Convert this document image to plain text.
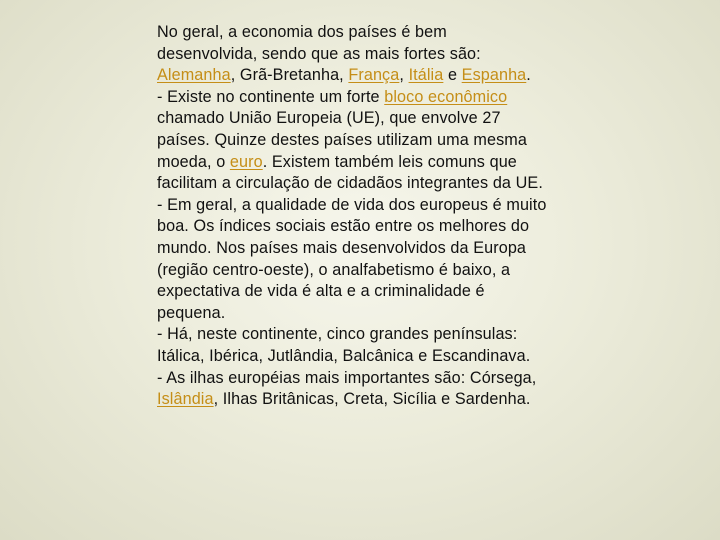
No geral, a economia dos países é bem
desenvolvida, sendo que as mais fortes são:
Alemanha, Grã-Bretanha, França, Itália e Espanha.
- Existe no continente um forte bloco econômico
chamado União Europeia (UE), que envolve 27
países. Quinze destes países utilizam uma mesma
moeda, o euro. Existem também leis comuns que
facilitam a circulação de cidadãos integrantes da UE.
- Em geral, a qualidade de vida dos europeus é muito
boa. Os índices sociais estão entre os melhores do
mundo. Nos países mais desenvolvidos da Europa
(região centro-oeste), o analfabetismo é baixo, a
expectativa de vida é alta e a criminalidade é
pequena.
- Há, neste continente, cinco grandes penínsulas:
Itálica, Ibérica, Jutlândia, Balcânica e Escandinava.
- As ilhas européias mais importantes são: Córsega,
Islândia, Ilhas Britânicas, Creta, Sicília e Sardenha.
